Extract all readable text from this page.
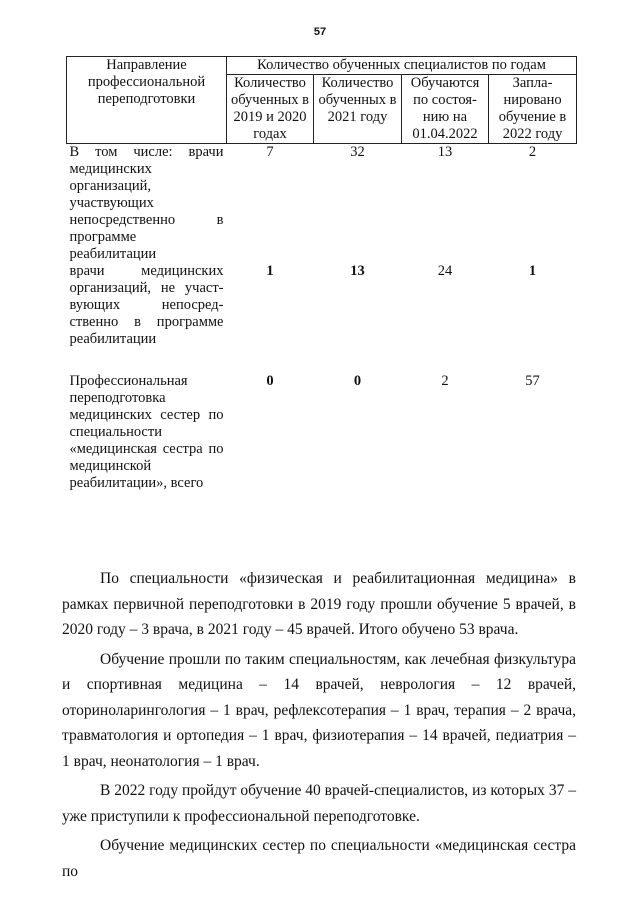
57
Направление профессиональной переподготовки	Количество обученных специалистов по годам			
	Количество обученных в 2019 и 2020 годах	Количество обученных в 2021 году	Обучаются по состоя-нию на 01.04.2022	Запла-нировано обучение в 2022 году
В том числе: врачи медицинских организаций, участвующих непосредственно в программе реабилитации	7	32	13	2
врачи медицинских организаций, не участ-вующих непосред-ственно в программе реабилитации	1	13	24	1

Профессиональная переподготовка медицинских сестер по специальности «медицинская сестра по медицинской реабилитации», всего	0	0	2	57

По специальности «физическая и реабилитационная медицина» в рамках первичной переподготовки в 2019 году прошли обучение 5 врачей, в 2020 году – 3 врача, в 2021 году – 45 врачей. Итого обучено 53 врача.

Обучение прошли по таким специальностям, как лечебная физкультура и спортивная медицина – 14 врачей, неврология – 12 врачей, оториноларингология – 1 врач, рефлексотерапия – 1 врач, терапия – 2 врача, травматология и ортопедия – 1 врач, физиотерапия – 14 врачей, педиатрия – 1 врач, неонатология – 1 врач.

В 2022 году пройдут обучение 40 врачей-специалистов, из которых 37 – уже приступили к профессиональной переподготовке.

Обучение медицинских сестер по специальности «медицинская сестра по
